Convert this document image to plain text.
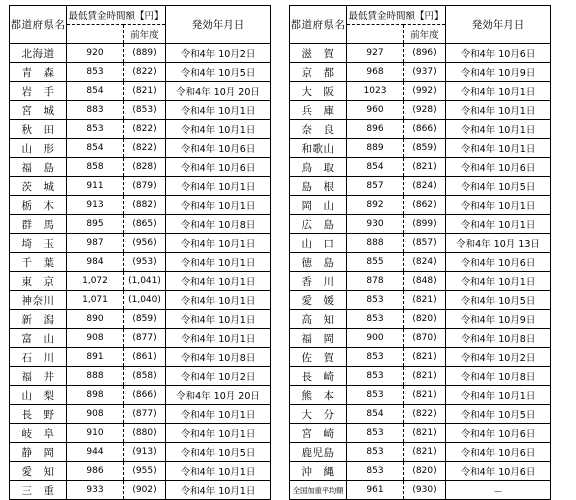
都道府県名	最低賃金時間額【円】		発効年月日
		前年度	
北海道	920	(889)	令和4年 10月2日
青　森	853	(822)	令和4年 10月5日
岩　手	854	(821)	令和4年 10月 20日
宮　城	883	(853)	令和4年 10月1日
秋　田	853	(822)	令和4年 10月1日
山　形	854	(822)	令和4年 10月6日
福　島	858	(828)	令和4年 10月6日
茨　城	911	(879)	令和4年 10月1日
栃　木	913	(882)	令和4年 10月1日
群　馬	895	(865)	令和4年 10月8日
埼　玉	987	(956)	令和4年 10月1日
千　葉	984	(953)	令和4年 10月1日
東　京	1,072	(1,041)	令和4年 10月1日
神奈川	1,071	(1,040)	令和4年 10月1日
新　潟	890	(859)	令和4年 10月1日
富　山	908	(877)	令和4年 10月1日
石　川	891	(861)	令和4年 10月8日
福　井	888	(858)	令和4年 10月2日
山　梨	898	(866)	令和4年 10月 20日
長　野	908	(877)	令和4年 10月1日
岐　阜	910	(880)	令和4年 10月1日
静　岡	944	(913)	令和4年 10月5日
愛　知	986	(955)	令和4年 10月1日
三　重	933	(902)	令和4年 10月1日
都道府県名	最低賃金時間額【円】		発効年月日
		前年度	
滋　賀	927	(896)	令和4年 10月6日
京　都	968	(937)	令和4年 10月9日
大　阪	1023	(992)	令和4年 10月1日
兵　庫	960	(928)	令和4年 10月1日
奈　良	896	(866)	令和4年 10月1日
和歌山	889	(859)	令和4年 10月1日
鳥　取	854	(821)	令和4年 10月6日
島　根	857	(824)	令和4年 10月5日
岡　山	892	(862)	令和4年 10月1日
広　島	930	(899)	令和4年 10月1日
山　口	888	(857)	令和4年 10月 13日
徳　島	855	(824)	令和4年 10月6日
香　川	878	(848)	令和4年 10月1日
愛　媛	853	(821)	令和4年 10月5日
高　知	853	(820)	令和4年 10月9日
福　岡	900	(870)	令和4年 10月8日
佐　賀	853	(821)	令和4年 10月2日
長　崎	853	(821)	令和4年 10月8日
熊　本	853	(821)	令和4年 10月1日
大　分	854	(822)	令和4年 10月5日
宮　崎	853	(821)	令和4年 10月6日
鹿児島	853	(821)	令和4年 10月6日
沖　縄	853	(820)	令和4年 10月6日
全国加重平均額	961	(930)	－
